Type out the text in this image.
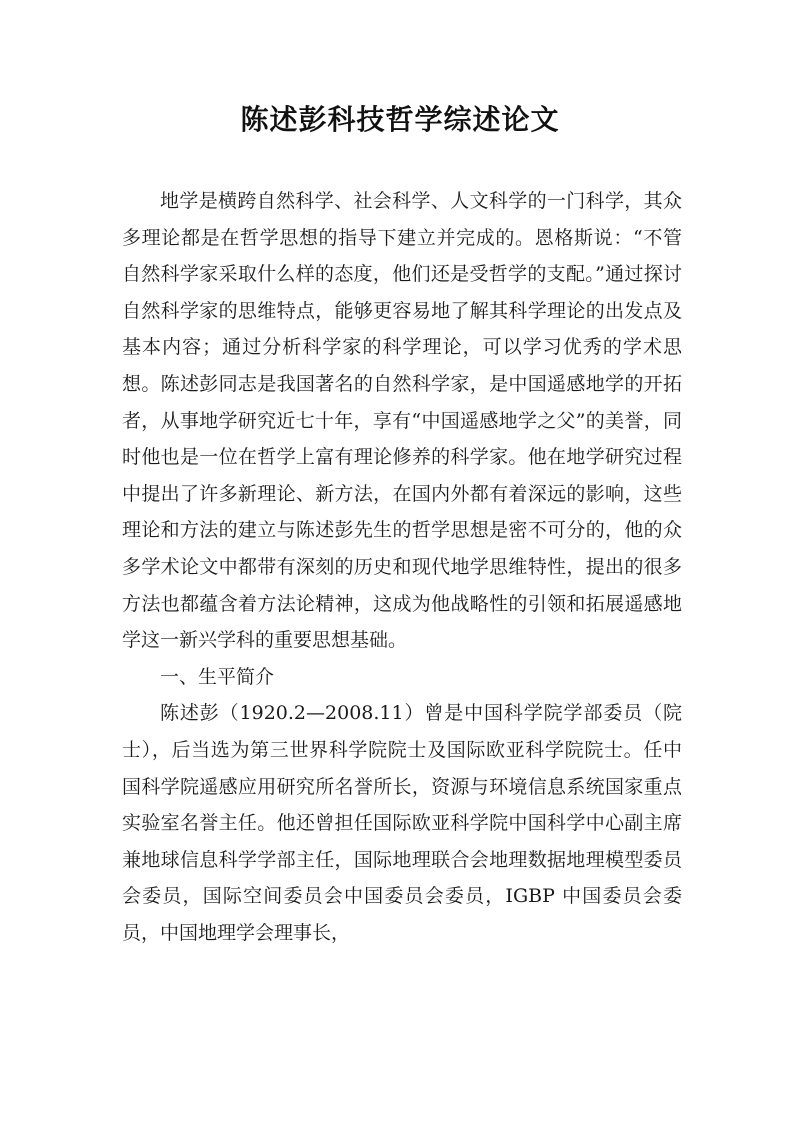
陈述彭科技哲学综述论文

地学是横跨自然科学、社会科学、人文科学的一门科学，其众多理论都是在哲学思想的指导下建立并完成的。恩格斯说：“不管自然科学家采取什么样的态度，他们还是受哲学的支配。”通过探讨自然科学家的思维特点，能够更容易地了解其科学理论的出发点及基本内容；通过分析科学家的科学理论，可以学习优秀的学术思想。陈述彭同志是我国著名的自然科学家，是中国遥感地学的开拓者，从事地学研究近七十年，享有“中国遥感地学之父”的美誉，同时他也是一位在哲学上富有理论修养的科学家。他在地学研究过程中提出了许多新理论、新方法，在国内外都有着深远的影响，这些理论和方法的建立与陈述彭先生的哲学思想是密不可分的，他的众多学术论文中都带有深刻的历史和现代地学思维特性，提出的很多方法也都蕴含着方法论精神，这成为他战略性的引领和拓展遥感地学这一新兴学科的重要思想基础。

一、生平简介

陈述彭（1920.2—2008.11）曾是中国科学院学部委员（院士），后当选为第三世界科学院院士及国际欧亚科学院院士。任中国科学院遥感应用研究所名誉所长，资源与环境信息系统国家重点实验室名誉主任。他还曾担任国际欧亚科学院中国科学中心副主席兼地球信息科学学部主任，国际地理联合会地理数据地理模型委员会委员，国际空间委员会中国委员会委员，IGBP 中国委员会委员，中国地理学会理事长，
